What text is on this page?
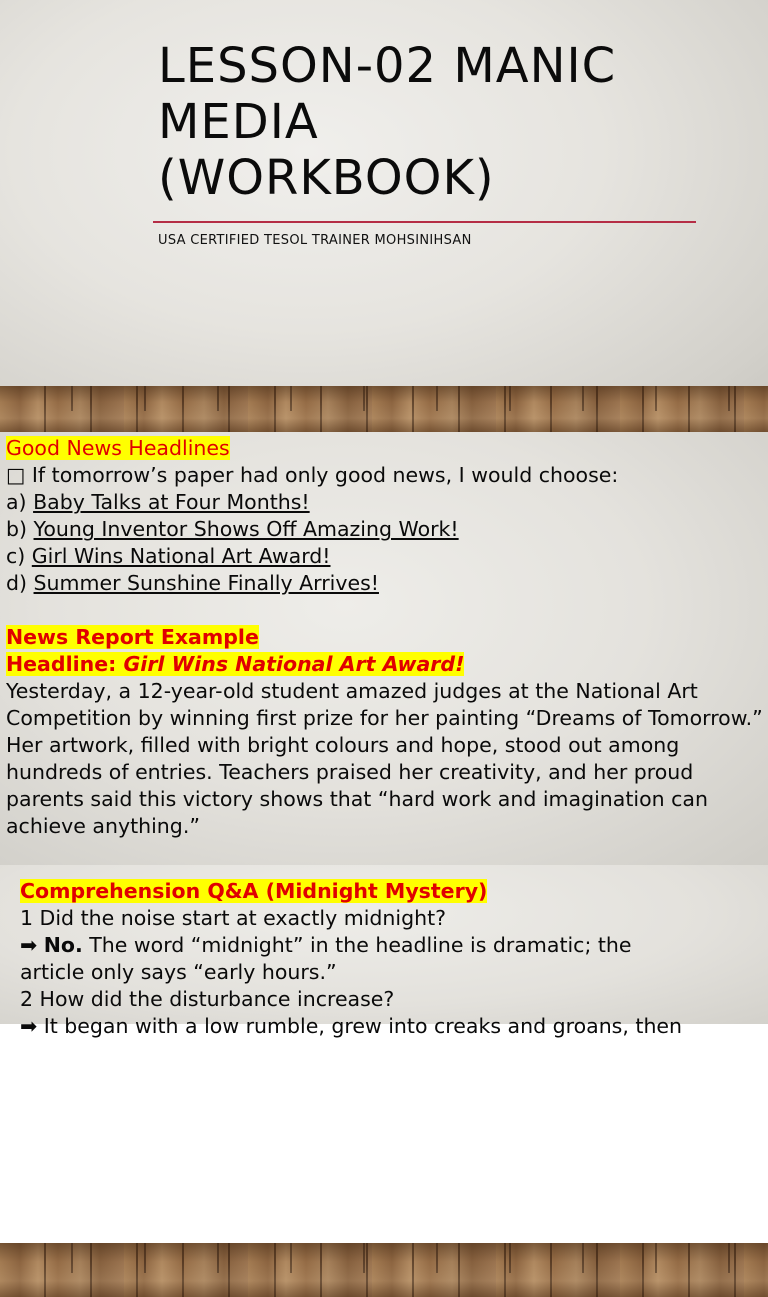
LESSON-02 MANIC
MEDIA
(WORKBOOK)
USA CERTIFIED TESOL TRAINER MOHSINIHSAN
Good News Headlines
□ If tomorrow’s paper had only good news, I would choose:
a) Baby Talks at Four Months!
b) Young Inventor Shows Off Amazing Work!
c) Girl Wins National Art Award!
d) Summer Sunshine Finally Arrives!
News Report Example
Headline: Girl Wins National Art Award!
Yesterday, a 12-year-old student amazed judges at the National Art Competition by winning first prize for her painting “Dreams of Tomorrow.” Her artwork, filled with bright colours and hope, stood out among hundreds of entries. Teachers praised her creativity, and her proud parents said this victory shows that “hard work and imagination can achieve anything.”
Comprehension Q&A (Midnight Mystery)
1 Did the noise start at exactly midnight?
➡ No. The word “midnight” in the headline is dramatic; the
article only says “early hours.”
2 How did the disturbance increase?
➡ It began with a low rumble, grew into creaks and groans, then
